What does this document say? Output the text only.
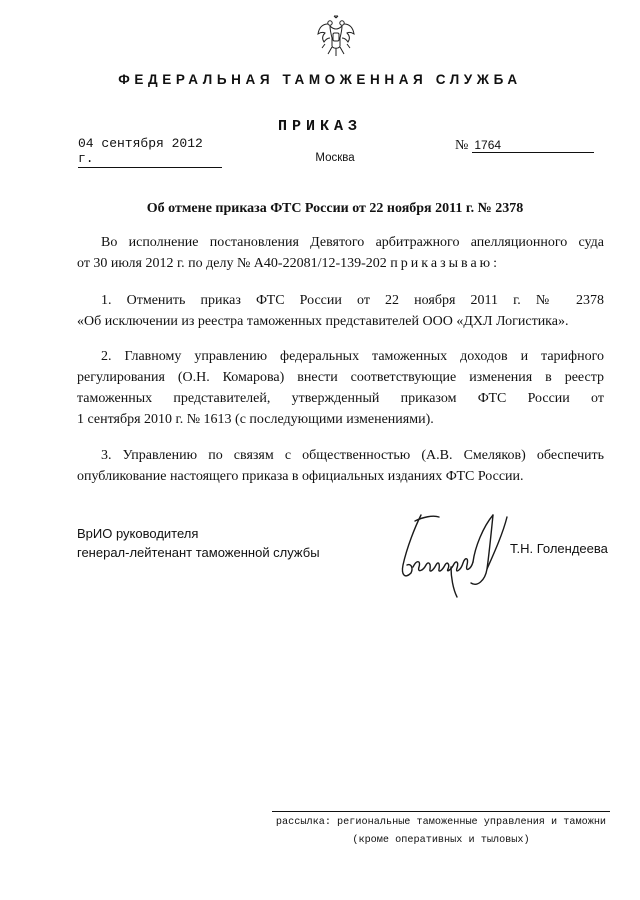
ФЕДЕРАЛЬНАЯ ТАМОЖЕННАЯ СЛУЖБА
ПРИКАЗ
04 сентября 2012 г.
№ 1764
Москва
Об отмене приказа ФТС России от 22 ноября 2011 г. № 2378
Во исполнение постановления Девятого арбитражного апелляционного суда
от 30 июля 2012 г. по делу № А40-22081/12-139-202 приказываю:
1. Отменить приказ ФТС России от 22 ноября 2011 г. № 2378
«Об исключении из реестра таможенных представителей ООО «ДХЛ Логистика».
2. Главному управлению федеральных таможенных доходов и тарифного
регулирования (О.Н. Комарова) внести соответствующие изменения в реестр
таможенных представителей, утвержденный приказом ФТС России от
1 сентября 2010 г. № 1613 (с последующими изменениями).
3. Управлению по связям с общественностью (А.В. Смеляков) обеспечить
опубликование настоящего приказа в официальных изданиях ФТС России.
ВрИО руководителя
генерал-лейтенант таможенной службы	Т.Н. Голендеева
рассылка: региональные таможенные управления и таможни
(кроме оперативных и тыловых)
